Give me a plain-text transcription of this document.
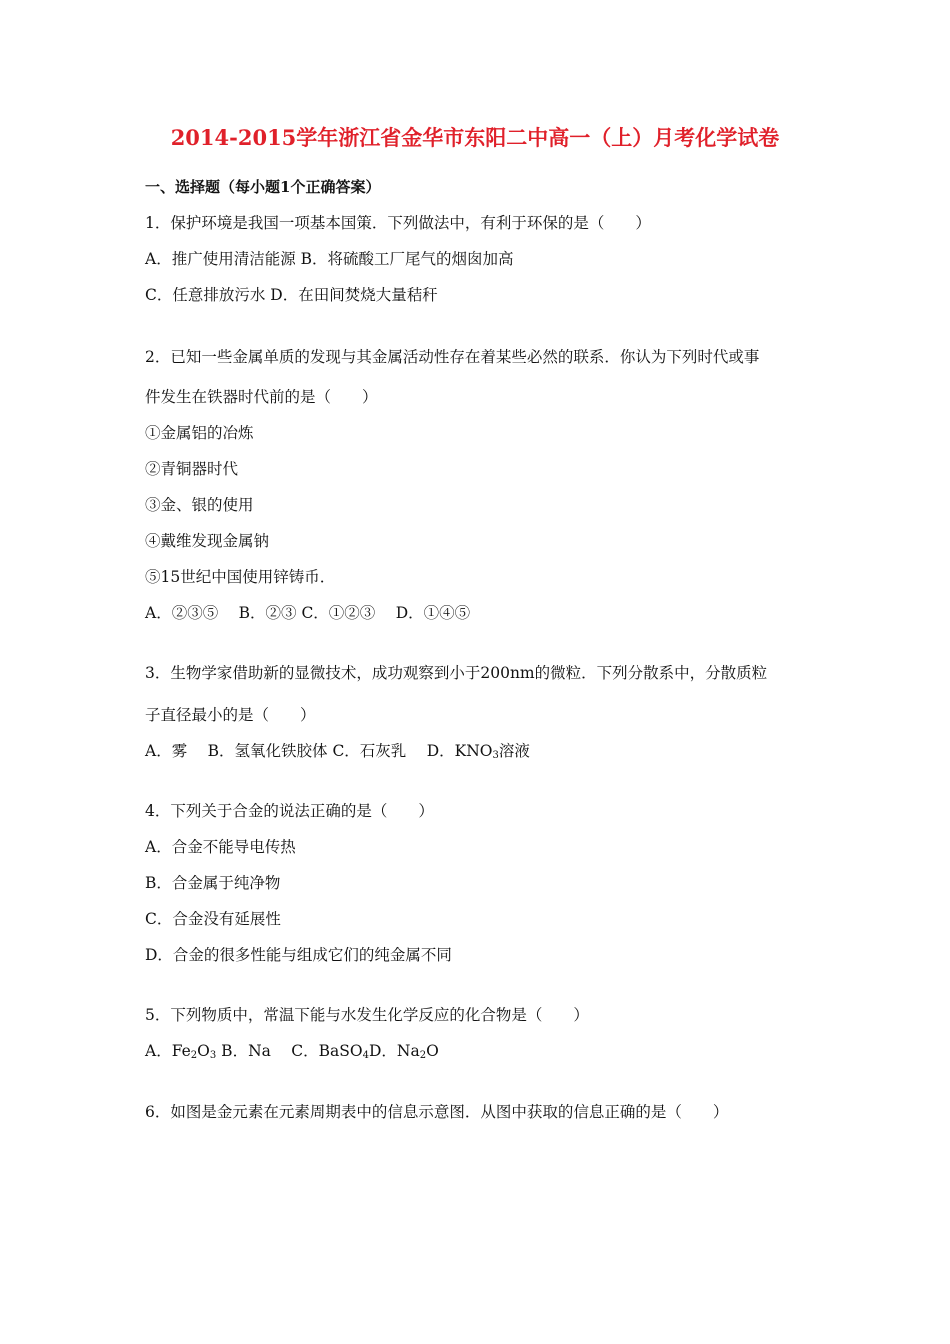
2014-2015学年浙江省金华市东阳二中高一（上）月考化学试卷
一、选择题（每小题1个正确答案）
1．保护环境是我国一项基本国策．下列做法中，有利于环保的是（　　）
A．推广使用清洁能源 B．将硫酸工厂尾气的烟囱加高
C．任意排放污水 D．在田间焚烧大量秸秆
2．已知一些金属单质的发现与其金属活动性存在着某些必然的联系．你认为下列时代或事
件发生在铁器时代前的是（　　）
①金属铝的冶炼
②青铜器时代
③金、银的使用
④戴维发现金属钠
⑤15世纪中国使用锌铸币．
A．②③⑤　 B．②③ C．①②③　 D．①④⑤
3．生物学家借助新的显微技术，成功观察到小于200nm的微粒．下列分散系中，分散质粒
子直径最小的是（　　）
A．雾　 B．氢氧化铁胶体 C．石灰乳　 D．$KNO_3$溶液
4．下列关于合金的说法正确的是（　　）
A．合金不能导电传热
B．合金属于纯净物
C．合金没有延展性
D．合金的很多性能与组成它们的纯金属不同
5．下列物质中，常温下能与水发生化学反应的化合物是（　　）
A．$Fe_2O_3$ B．Na　 C．BaSO$_4$D．$Na_2O$
6．如图是金元素在元素周期表中的信息示意图．从图中获取的信息正确的是（　　）
